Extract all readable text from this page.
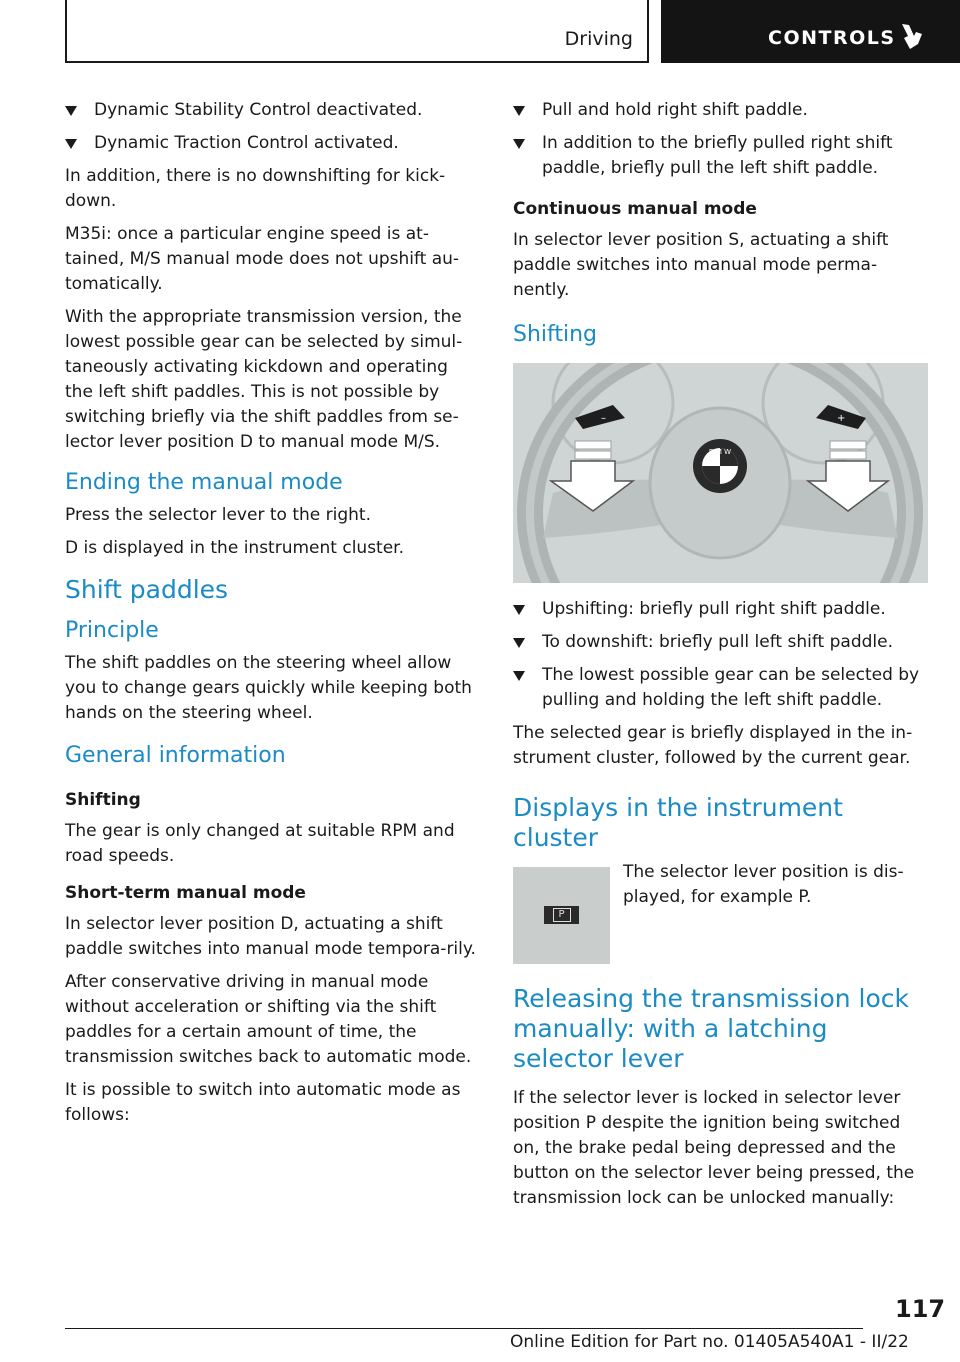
Driving	CONTROLS
Dynamic Stability Control deactivated.
Dynamic Traction Control activated.

In addition, there is no downshifting for kick-down.

M35i: once a particular engine speed is at-tained, M/S manual mode does not upshift au-tomatically.

With the appropriate transmission version, the lowest possible gear can be selected by simul-taneously activating kickdown and operating the left shift paddles. This is not possible by switching briefly via the shift paddles from se-lector lever position D to manual mode M/S.

Ending the manual mode

Press the selector lever to the right.

D is displayed in the instrument cluster.

Shift paddles
Principle

The shift paddles on the steering wheel allow you to change gears quickly while keeping both hands on the steering wheel.

General information
Shifting

The gear is only changed at suitable RPM and road speeds.

Short-term manual mode

In selector lever position D, actuating a shift paddle switches into manual mode tempora-rily.

After conservative driving in manual mode without acceleration or shifting via the shift paddles for a certain amount of time, the transmission switches back to automatic mode.

It is possible to switch into automatic mode as follows:

Pull and hold right shift paddle.
In addition to the briefly pulled right shift paddle, briefly pull the left shift paddle.
Continuous manual mode

In selector lever position S, actuating a shift paddle switches into manual mode perma-nently.

Shifting
B M W
–	+
Upshifting: briefly pull right shift paddle.
To downshift: briefly pull left shift paddle.
The lowest possible gear can be selected by pulling and holding the left shift paddle.

The selected gear is briefly displayed in the in-strument cluster, followed by the current gear.

Displays in the instrument cluster
P

The selector lever position is dis-played, for example P.

Releasing the transmission lock manually: with a latching selector lever

If the selector lever is locked in selector lever position P despite the ignition being switched on, the brake pedal being depressed and the button on the selector lever being pressed, the transmission lock can be unlocked manually:

117
Online Edition for Part no. 01405A540A1 - II/22
